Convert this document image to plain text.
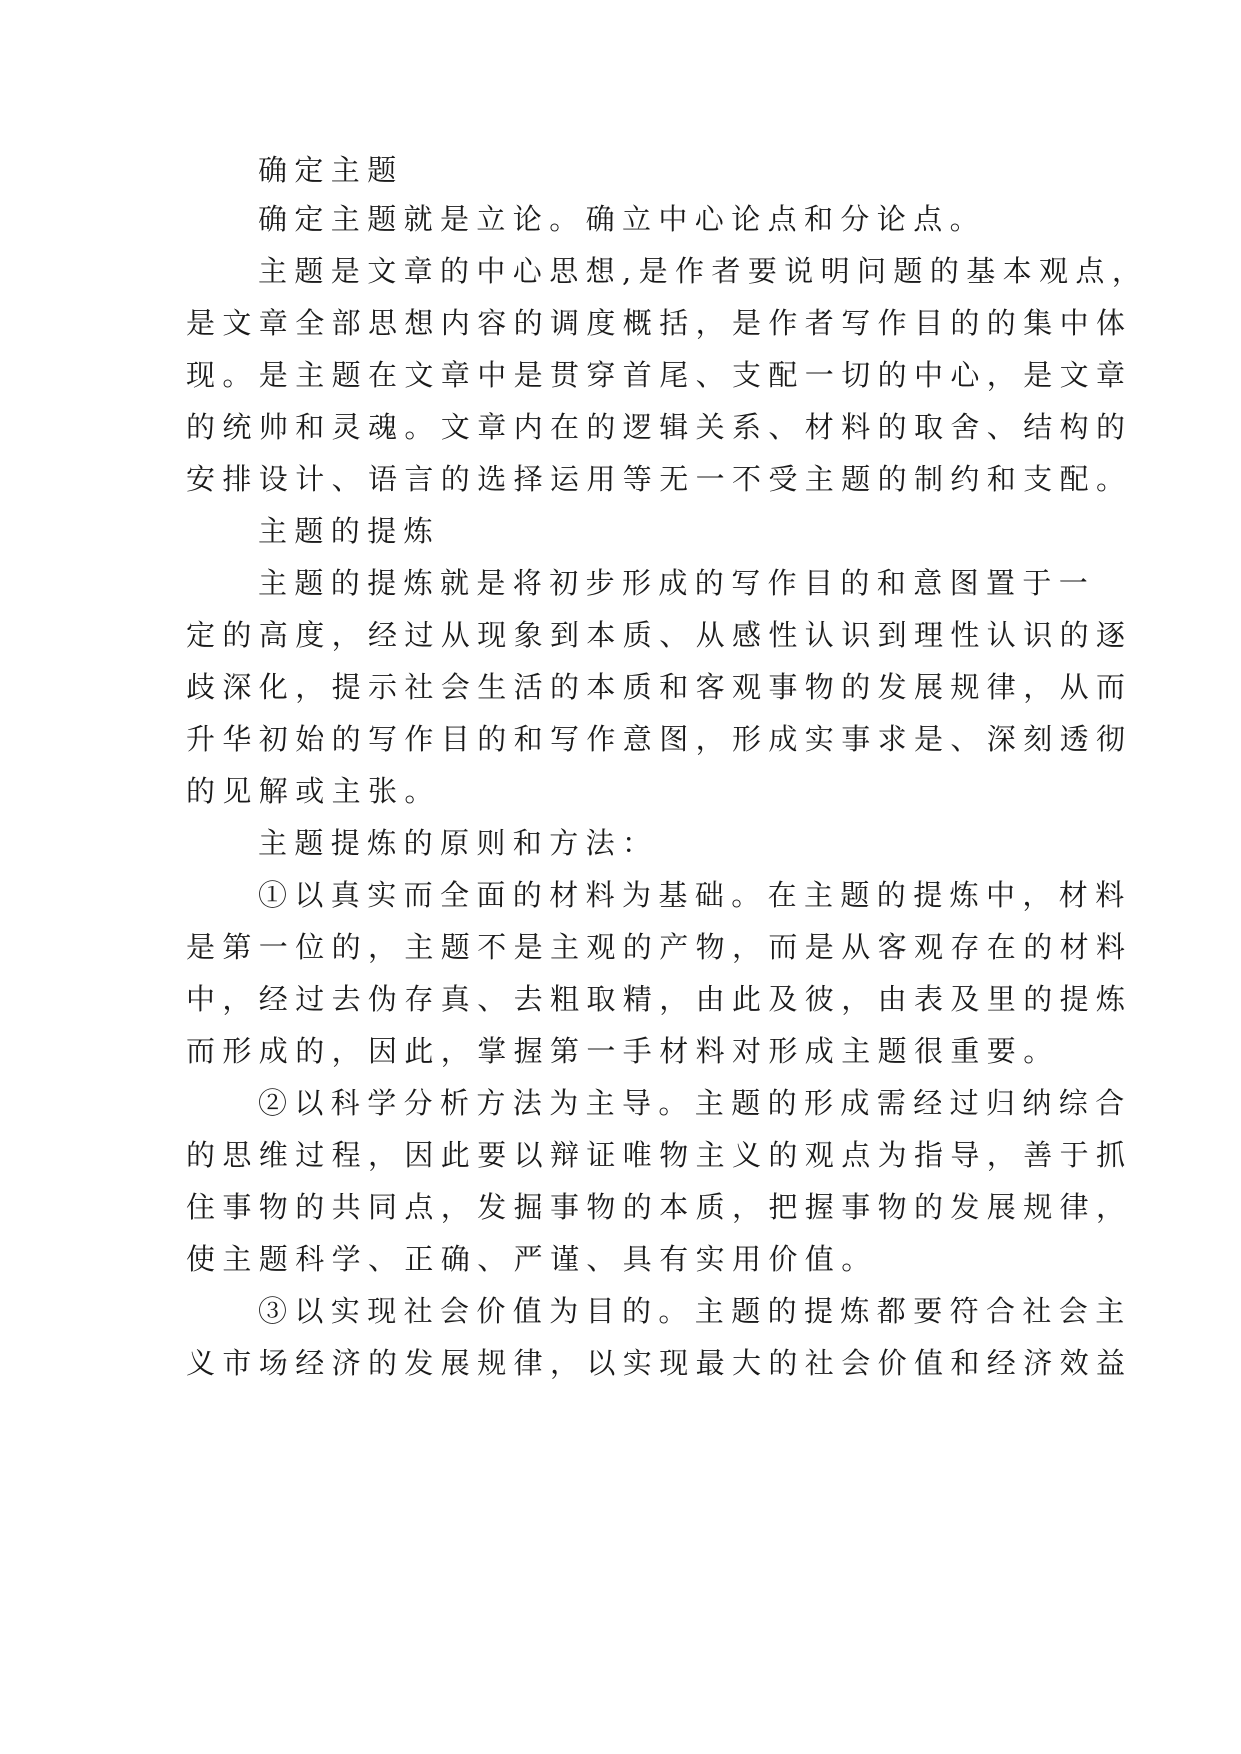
确定主题
确定主题就是立论。确立中心论点和分论点。
主题是文章的中心思想,是作者要说明问题的基本观点，
是文章全部思想内容的调度概括，是作者写作目的的集中体
现。是主题在文章中是贯穿首尾、支配一切的中心，是文章
的统帅和灵魂。文章内在的逻辑关系、材料的取舍、结构的
安排设计、语言的选择运用等无一不受主题的制约和支配。
主题的提炼
主题的提炼就是将初步形成的写作目的和意图置于一
定的高度，经过从现象到本质、从感性认识到理性认识的逐
歧深化，提示社会生活的本质和客观事物的发展规律，从而
升华初始的写作目的和写作意图，形成实事求是、深刻透彻
的见解或主张。
主题提炼的原则和方法：
①以真实而全面的材料为基础。在主题的提炼中，材料
是第一位的，主题不是主观的产物，而是从客观存在的材料
中，经过去伪存真、去粗取精，由此及彼，由表及里的提炼
而形成的，因此，掌握第一手材料对形成主题很重要。
②以科学分析方法为主导。主题的形成需经过归纳综合
的思维过程，因此要以辩证唯物主义的观点为指导，善于抓
住事物的共同点，发掘事物的本质，把握事物的发展规律，
使主题科学、正确、严谨、具有实用价值。
③以实现社会价值为目的。主题的提炼都要符合社会主
义市场经济的发展规律，以实现最大的社会价值和经济效益
